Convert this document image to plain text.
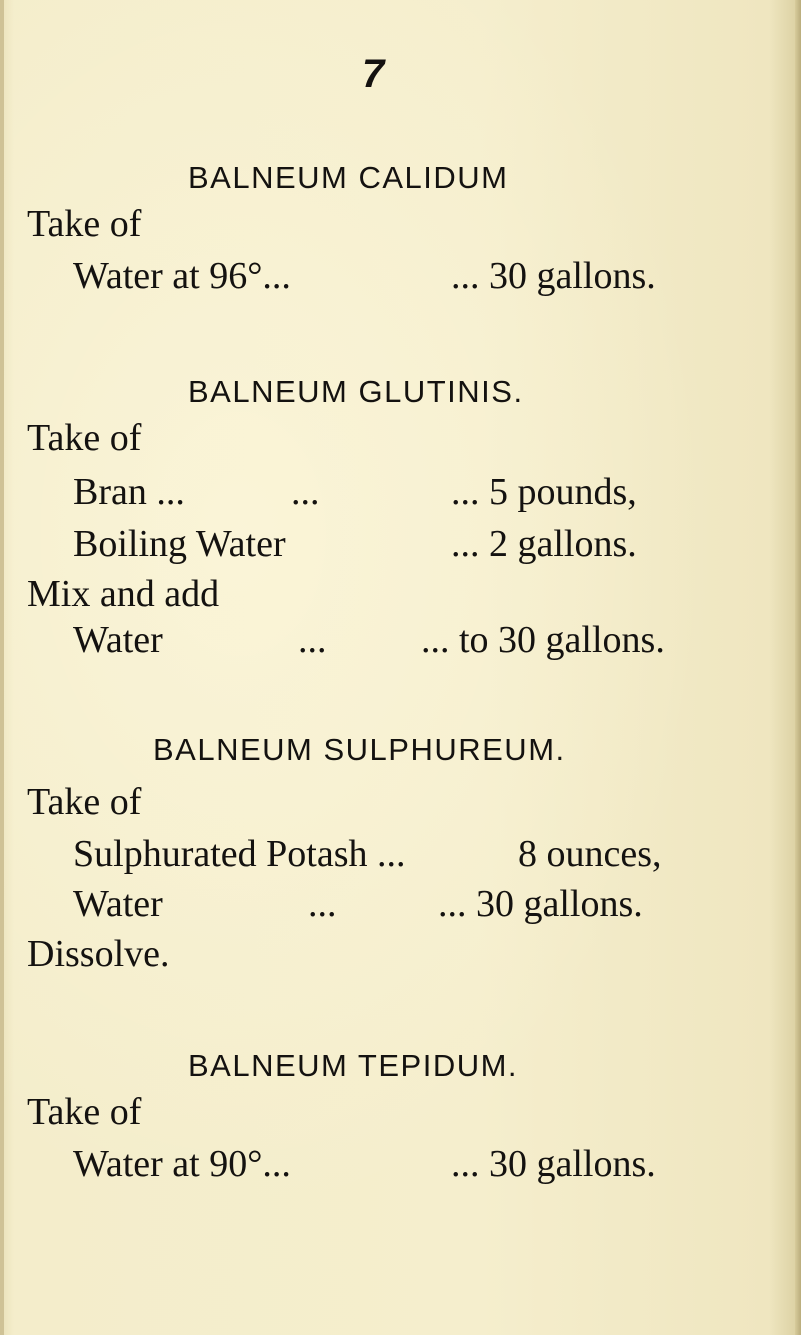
7
BALNEUM CALIDUM
Take of
Water at 96°...	... 30 gallons.
BALNEUM GLUTINIS.
Take of
Bran ...	...	... 5 pounds,
Boiling Water	... 2 gallons.
Mix and add
Water	... ... to 30 gallons.
BALNEUM SULPHUREUM.
Take of
Sulphurated Potash ...	8 ounces,
Water	...	... 30 gallons.
Dissolve.
BALNEUM TEPIDUM.
Take of
Water at 90°...	... 30 gallons.
